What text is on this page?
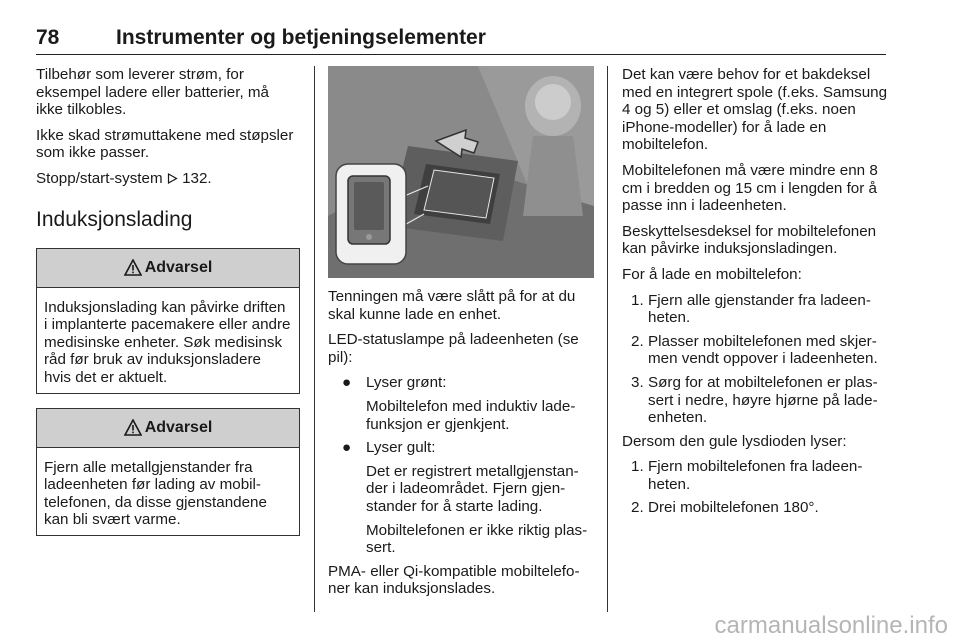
78	Instrumenter og betjeningselementer

Tilbehør som leverer strøm, for eksempel ladere eller batterier, må ikke tilkobles.

Ikke skad strømuttakene med støpsler som ikke passer.

Stopp/start-system 132.

Induksjonslading
Advarsel
Induksjonslading kan påvirke driften i implanterte pacemakere eller andre medisinske enheter. Søk medisinsk råd før bruk av induksjonsladere hvis det er aktuelt.
Advarsel
Fjern alle metallgjenstander fra ladeenheten før lading av mobiltelefonen, da disse gjenstandene kan bli svært varme.

Tenningen må være slått på for at du skal kunne lade en enhet.

LED-statuslampe på ladeenheten (se pil):

● Lyser grønt:

Mobiltelefon med induktiv ladefunksjon er gjenkjent.

● Lyser gult:

Det er registrert metallgjenstander i ladeområdet. Fjern gjenstander for å starte lading.

Mobiltelefonen er ikke riktig plassert.

PMA- eller Qi-kompatible mobiltelefoner kan induksjonslades.

Det kan være behov for et bakdeksel med en integrert spole (f.eks. Samsung 4 og 5) eller et omslag (f.eks. noen iPhone-modeller) for å lade en mobiltelefon.

Mobiltelefonen må være mindre enn 8 cm i bredden og 15 cm i lengden for å passe inn i ladeenheten.

Beskyttelsesdeksel for mobiltelefonen kan påvirke induksjonsladingen.

For å lade en mobiltelefon:

1. Fjern alle gjenstander fra ladeenheten.
2. Plasser mobiltelefonen med skjermen vendt oppover i ladeenheten.
3. Sørg for at mobiltelefonen er plassert i nedre, høyre hjørne på ladeenheten.

Dersom den gule lysdioden lyser:

1. Fjern mobiltelefonen fra ladeenheten.
2. Drei mobiltelefonen 180°.
carmanualsonline.info
